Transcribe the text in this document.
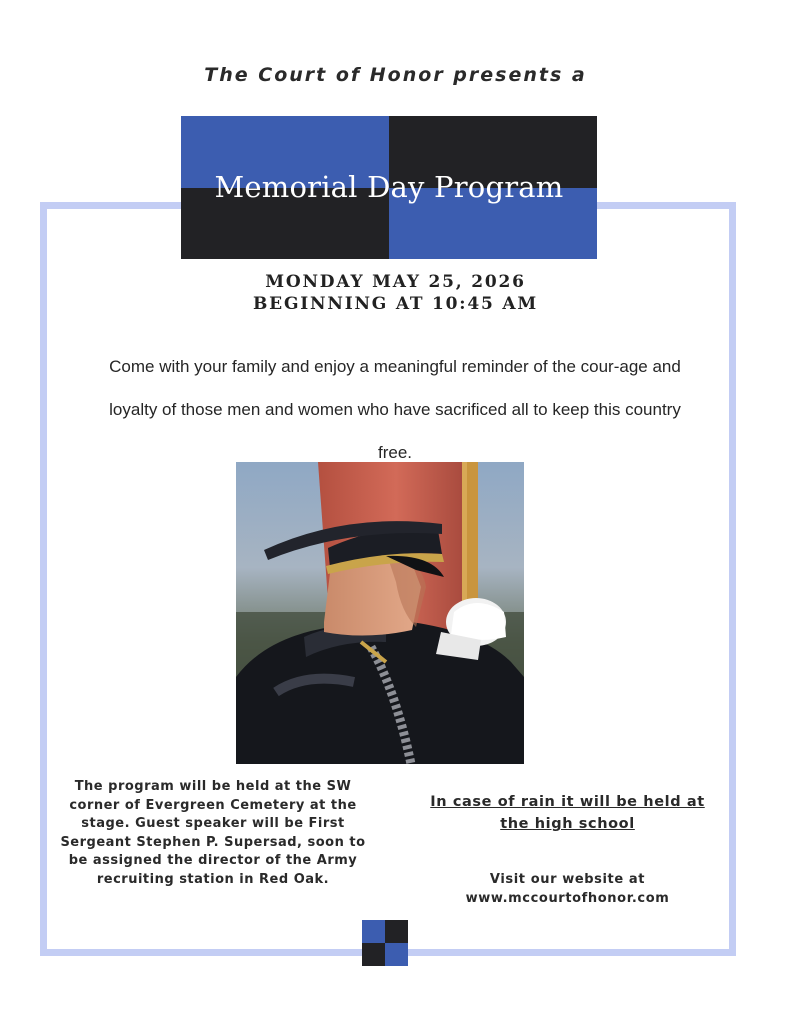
The Court of Honor presents a
Memorial Day Program
MONDAY MAY 25, 2026
BEGINNING AT 10:45 AM
Come with your family and enjoy a meaningful reminder of the cour-age and loyalty of those men and women who have sacrificed all to keep this country free.
The program will be held at the SW corner of Evergreen Cemetery at the stage. Guest speaker will be First Sergeant Stephen P. Supersad, soon to be assigned the director of the Army recruiting station in Red Oak.
In case of rain it will be held at the high school
Visit our website at www.mccourtofhonor.com
